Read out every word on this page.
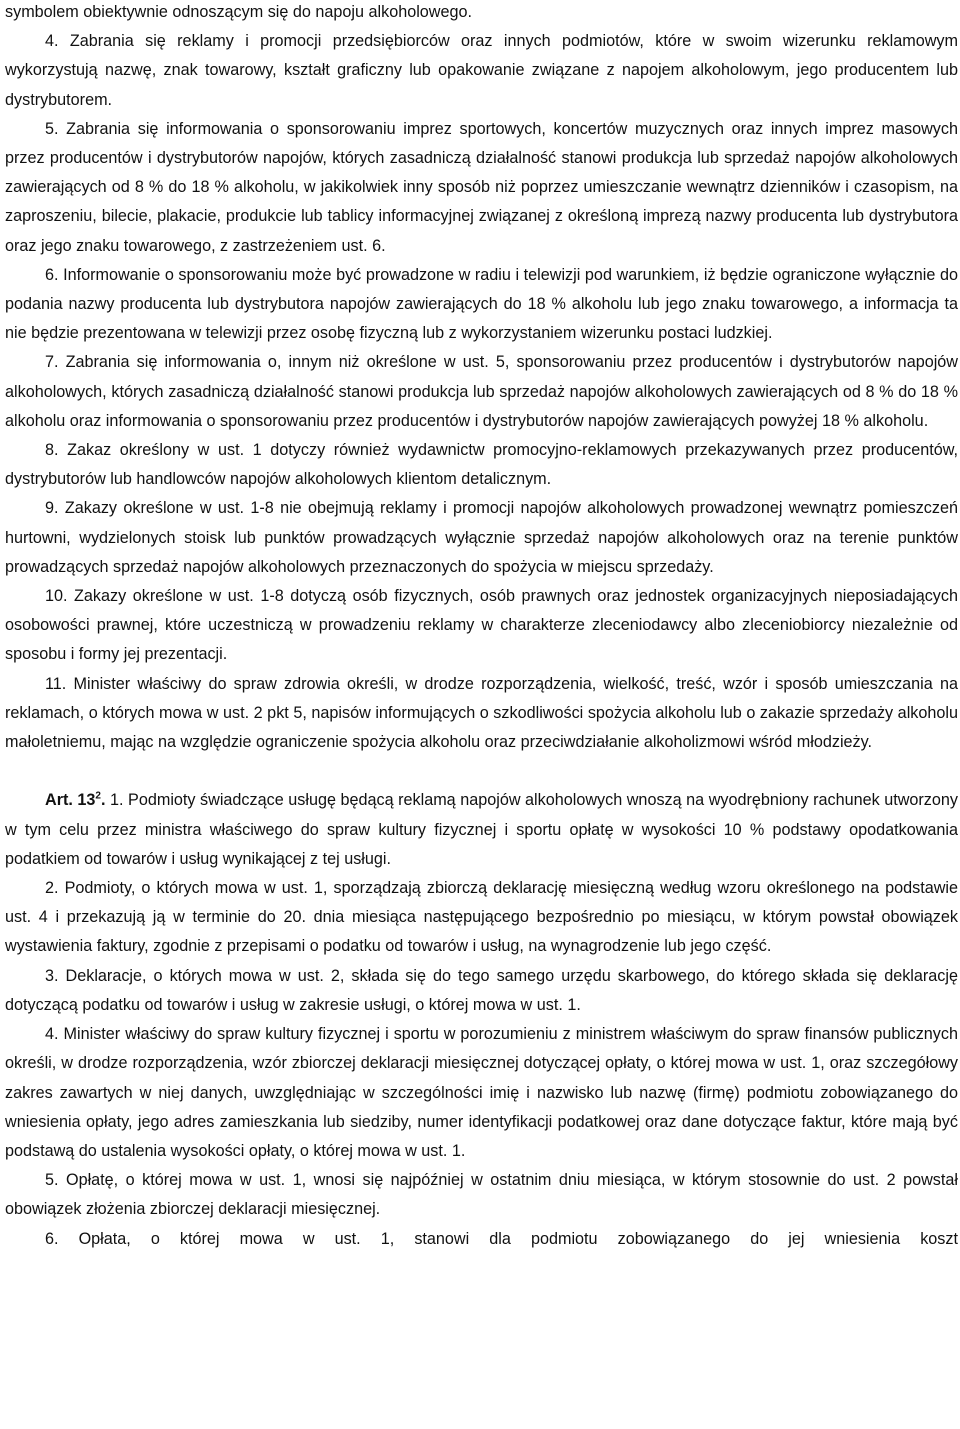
symbolem obiektywnie odnoszącym się do napoju alkoholowego.

4. Zabrania się reklamy i promocji przedsiębiorców oraz innych podmiotów, które w swoim wizerunku reklamowym wykorzystują nazwę, znak towarowy, kształt graficzny lub opakowanie związane z napojem alkoholowym, jego producentem lub dystrybutorem.

5. Zabrania się informowania o sponsorowaniu imprez sportowych, koncertów muzycznych oraz innych imprez masowych przez producentów i dystrybutorów napojów, których zasadniczą działalność stanowi produkcja lub sprzedaż napojów alkoholowych zawierających od 8 % do 18 % alkoholu, w jakikolwiek inny sposób niż poprzez umieszczanie wewnątrz dzienników i czasopism, na zaproszeniu, bilecie, plakacie, produkcie lub tablicy informacyjnej związanej z określoną imprezą nazwy producenta lub dystrybutora oraz jego znaku towarowego, z zastrzeżeniem ust. 6.

6. Informowanie o sponsorowaniu może być prowadzone w radiu i telewizji pod warunkiem, iż będzie ograniczone wyłącznie do podania nazwy producenta lub dystrybutora napojów zawierających do 18 % alkoholu lub jego znaku towarowego, a informacja ta nie będzie prezentowana w telewizji przez osobę fizyczną lub z wykorzystaniem wizerunku postaci ludzkiej.

7. Zabrania się informowania o, innym niż określone w ust. 5, sponsorowaniu przez producentów i dystrybutorów napojów alkoholowych, których zasadniczą działalność stanowi produkcja lub sprzedaż napojów alkoholowych zawierających od 8 % do 18 % alkoholu oraz informowania o sponsorowaniu przez producentów i dystrybutorów napojów zawierających powyżej 18 % alkoholu.

8. Zakaz określony w ust. 1 dotyczy również wydawnictw promocyjno-reklamowych przekazywanych przez producentów, dystrybutorów lub handlowców napojów alkoholowych klientom detalicznym.

9. Zakazy określone w ust. 1-8 nie obejmują reklamy i promocji napojów alkoholowych prowadzonej wewnątrz pomieszczeń hurtowni, wydzielonych stoisk lub punktów prowadzących wyłącznie sprzedaż napojów alkoholowych oraz na terenie punktów prowadzących sprzedaż napojów alkoholowych przeznaczonych do spożycia w miejscu sprzedaży.

10. Zakazy określone w ust. 1-8 dotyczą osób fizycznych, osób prawnych oraz jednostek organizacyjnych nieposiadających osobowości prawnej, które uczestniczą w prowadzeniu reklamy w charakterze zleceniodawcy albo zleceniobiorcy niezależnie od sposobu i formy jej prezentacji.

11. Minister właściwy do spraw zdrowia określi, w drodze rozporządzenia, wielkość, treść, wzór i sposób umieszczania na reklamach, o których mowa w ust. 2 pkt 5, napisów informujących o szkodliwości spożycia alkoholu lub o zakazie sprzedaży alkoholu małoletniemu, mając na względzie ograniczenie spożycia alkoholu oraz przeciwdziałanie alkoholizmowi wśród młodzieży.

Art. $13^2$. 1. Podmioty świadczące usługę będącą reklamą napojów alkoholowych wnoszą na wyodrębniony rachunek utworzony w tym celu przez ministra właściwego do spraw kultury fizycznej i sportu opłatę w wysokości 10 % podstawy opodatkowania podatkiem od towarów i usług wynikającej z tej usługi.

2. Podmioty, o których mowa w ust. 1, sporządzają zbiorczą deklarację miesięczną według wzoru określonego na podstawie ust. 4 i przekazują ją w terminie do 20. dnia miesiąca następującego bezpośrednio po miesiącu, w którym powstał obowiązek wystawienia faktury, zgodnie z przepisami o podatku od towarów i usług, na wynagrodzenie lub jego część.

3. Deklaracje, o których mowa w ust. 2, składa się do tego samego urzędu skarbowego, do którego składa się deklarację dotyczącą podatku od towarów i usług w zakresie usługi, o której mowa w ust. 1.

4. Minister właściwy do spraw kultury fizycznej i sportu w porozumieniu z ministrem właściwym do spraw finansów publicznych określi, w drodze rozporządzenia, wzór zbiorczej deklaracji miesięcznej dotyczącej opłaty, o której mowa w ust. 1, oraz szczegółowy zakres zawartych w niej danych, uwzględniając w szczególności imię i nazwisko lub nazwę (firmę) podmiotu zobowiązanego do wniesienia opłaty, jego adres zamieszkania lub siedziby, numer identyfikacji podatkowej oraz dane dotyczące faktur, które mają być podstawą do ustalenia wysokości opłaty, o której mowa w ust. 1.

5. Opłatę, o której mowa w ust. 1, wnosi się najpóźniej w ostatnim dniu miesiąca, w którym stosownie do ust. 2 powstał obowiązek złożenia zbiorczej deklaracji miesięcznej.

6. Opłata, o której mowa w ust. 1, stanowi dla podmiotu zobowiązanego do jej wniesienia koszt
